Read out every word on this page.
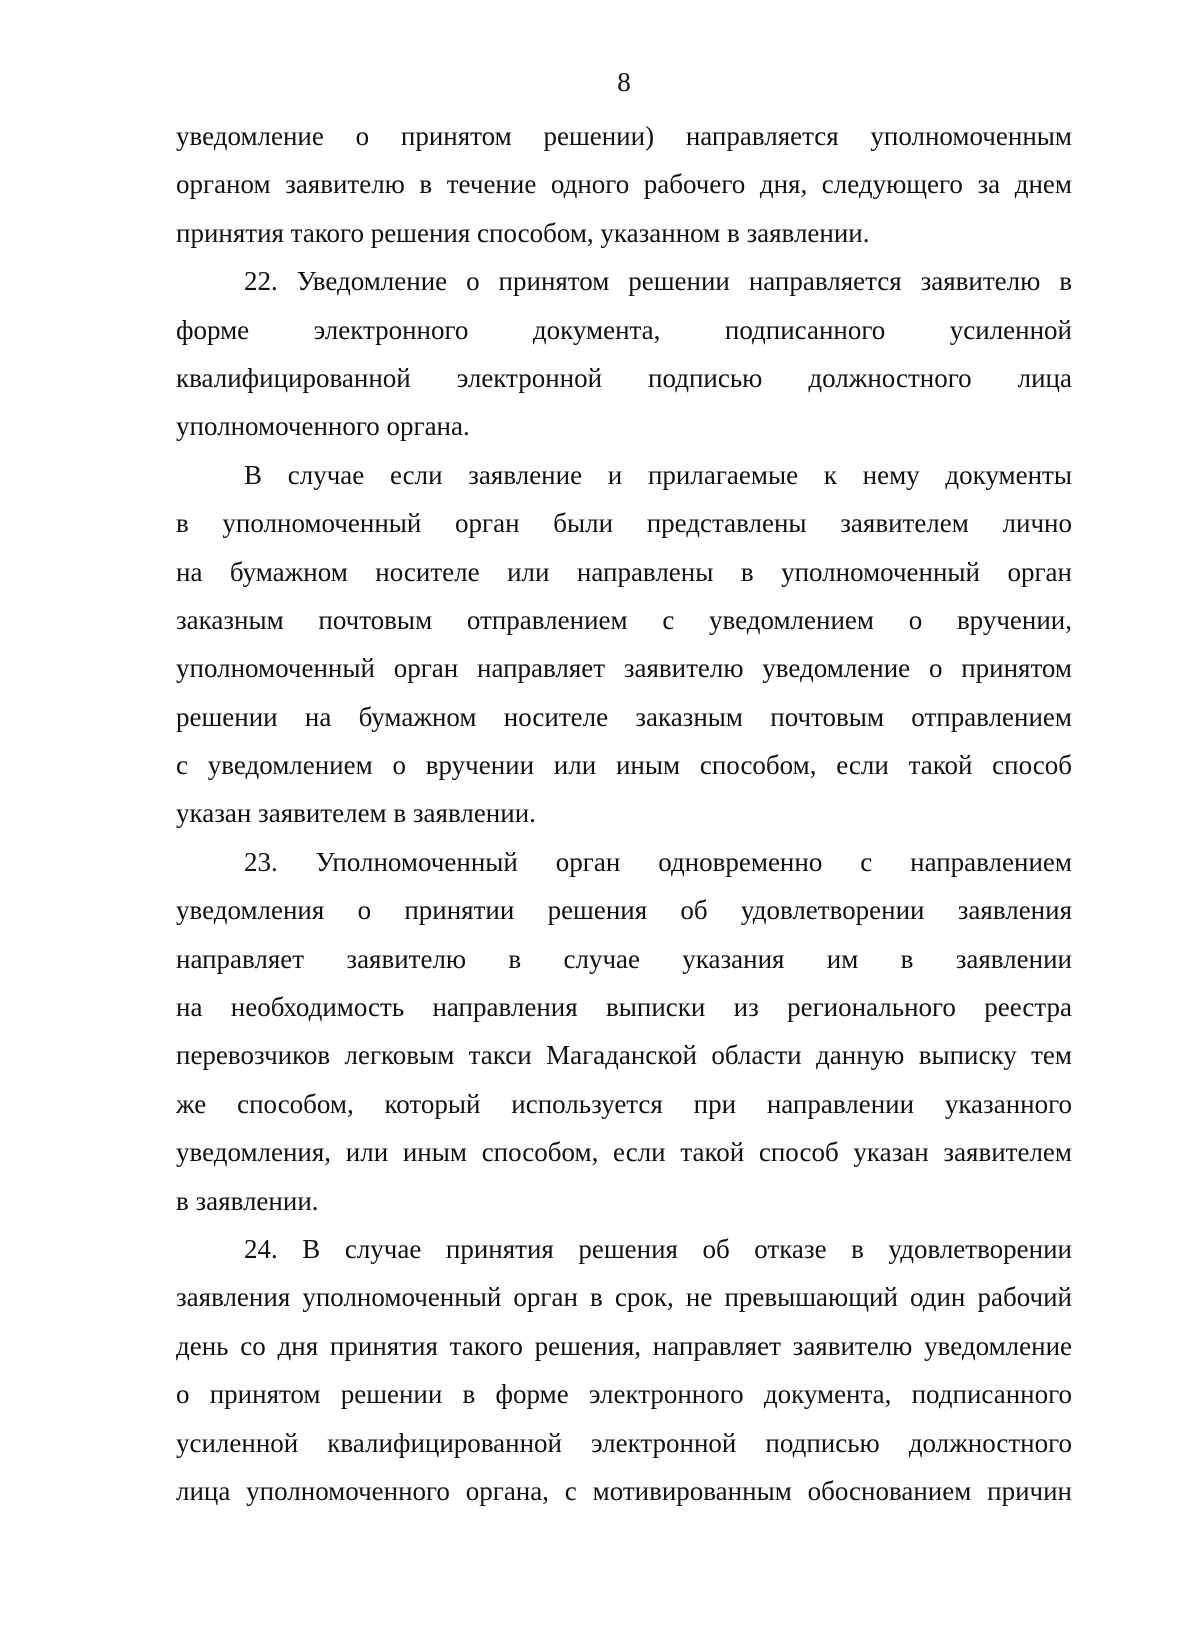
8

уведомление о принятом решении) направляется уполномоченным
органом заявителю в течение одного рабочего дня, следующего за днем
принятия такого решения способом, указанном в заявлении.

22. Уведомление о принятом решении направляется заявителю в
форме электронного документа, подписанного усиленной
квалифицированной электронной подписью должностного лица
уполномоченного органа.

В случае если заявление и прилагаемые к нему документы
в уполномоченный орган были представлены заявителем лично
на бумажном носителе или направлены в уполномоченный орган
заказным почтовым отправлением с уведомлением о вручении,
уполномоченный орган направляет заявителю уведомление о принятом
решении на бумажном носителе заказным почтовым отправлением
с уведомлением о вручении или иным способом, если такой способ
указан заявителем в заявлении.

23. Уполномоченный орган одновременно с направлением
уведомления о принятии решения об удовлетворении заявления
направляет заявителю в случае указания им в заявлении
на необходимость направления выписки из регионального реестра
перевозчиков легковым такси Магаданской области данную выписку тем
же способом, который используется при направлении указанного
уведомления, или иным способом, если такой способ указан заявителем
в заявлении.

24. В случае принятия решения об отказе в удовлетворении
заявления уполномоченный орган в срок, не превышающий один рабочий
день со дня принятия такого решения, направляет заявителю уведомление
о принятом решении в форме электронного документа, подписанного
усиленной квалифицированной электронной подписью должностного
лица уполномоченного органа, с мотивированным обоснованием причин
